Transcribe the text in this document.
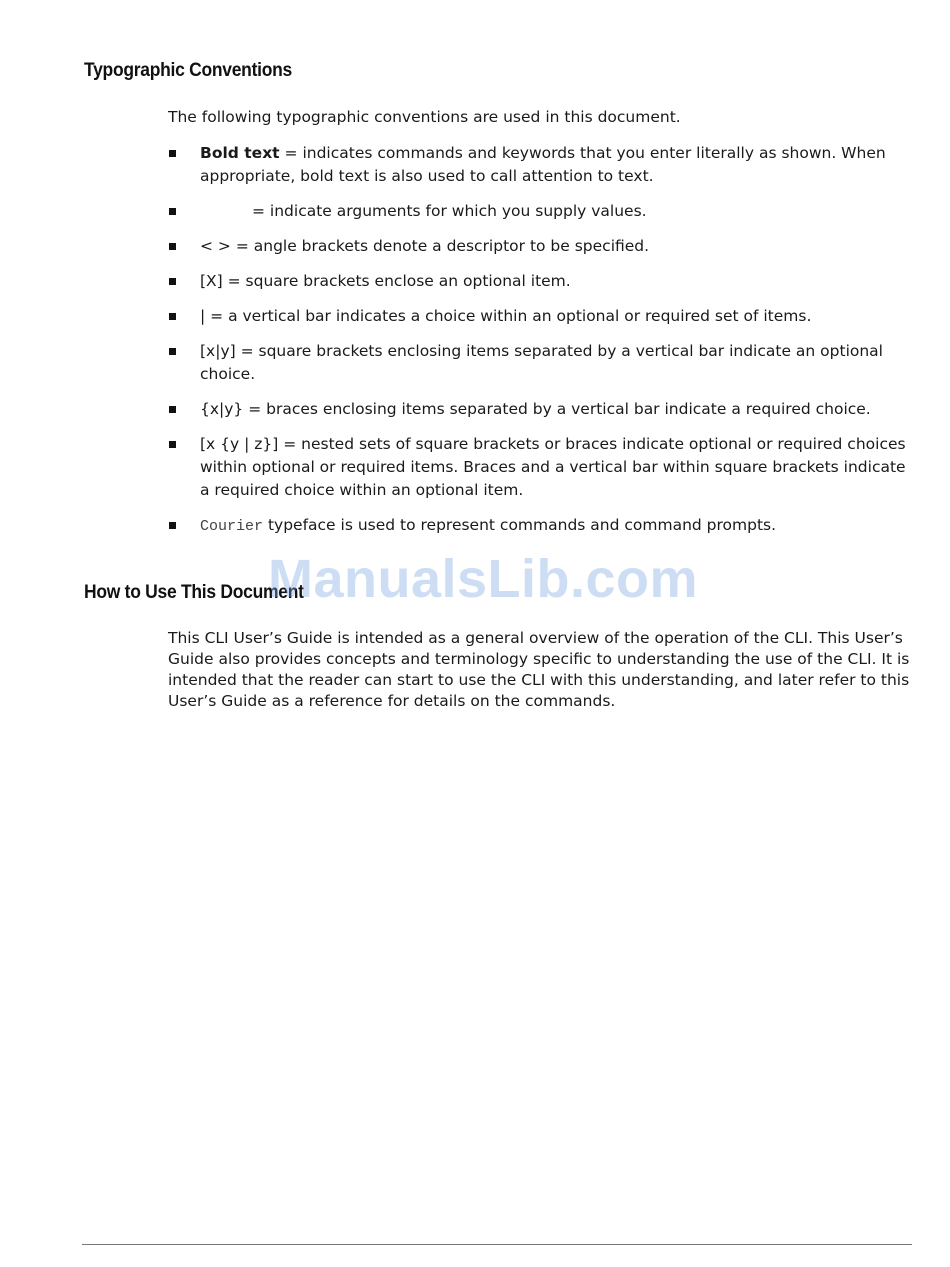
Typographic Conventions

The following typographic conventions are used in this document.

Bold text = indicates commands and keywords that you enter literally as shown. When appropriate, bold text is also used to call attention to text.
= indicate arguments for which you supply values.
< > = angle brackets denote a descriptor to be specified.
[X] = square brackets enclose an optional item.
| = a vertical bar indicates a choice within an optional or required set of items.
[x|y] = square brackets enclosing items separated by a vertical bar indicate an optional choice.
{x|y} = braces enclosing items separated by a vertical bar indicate a required choice.
[x {y | z}] = nested sets of square brackets or braces indicate optional or required choices within optional or required items. Braces and a vertical bar within square brackets indicate a required choice within an optional item.
Courier typeface is used to represent commands and command prompts.
How to Use This Document

This CLI User’s Guide is intended as a general overview of the operation of the CLI. This User’s Guide also provides concepts and terminology specific to understanding the use of the CLI. It is intended that the reader can start to use the CLI with this understanding, and later refer to this User’s Guide as a reference for details on the commands.

ManualsLib.com
